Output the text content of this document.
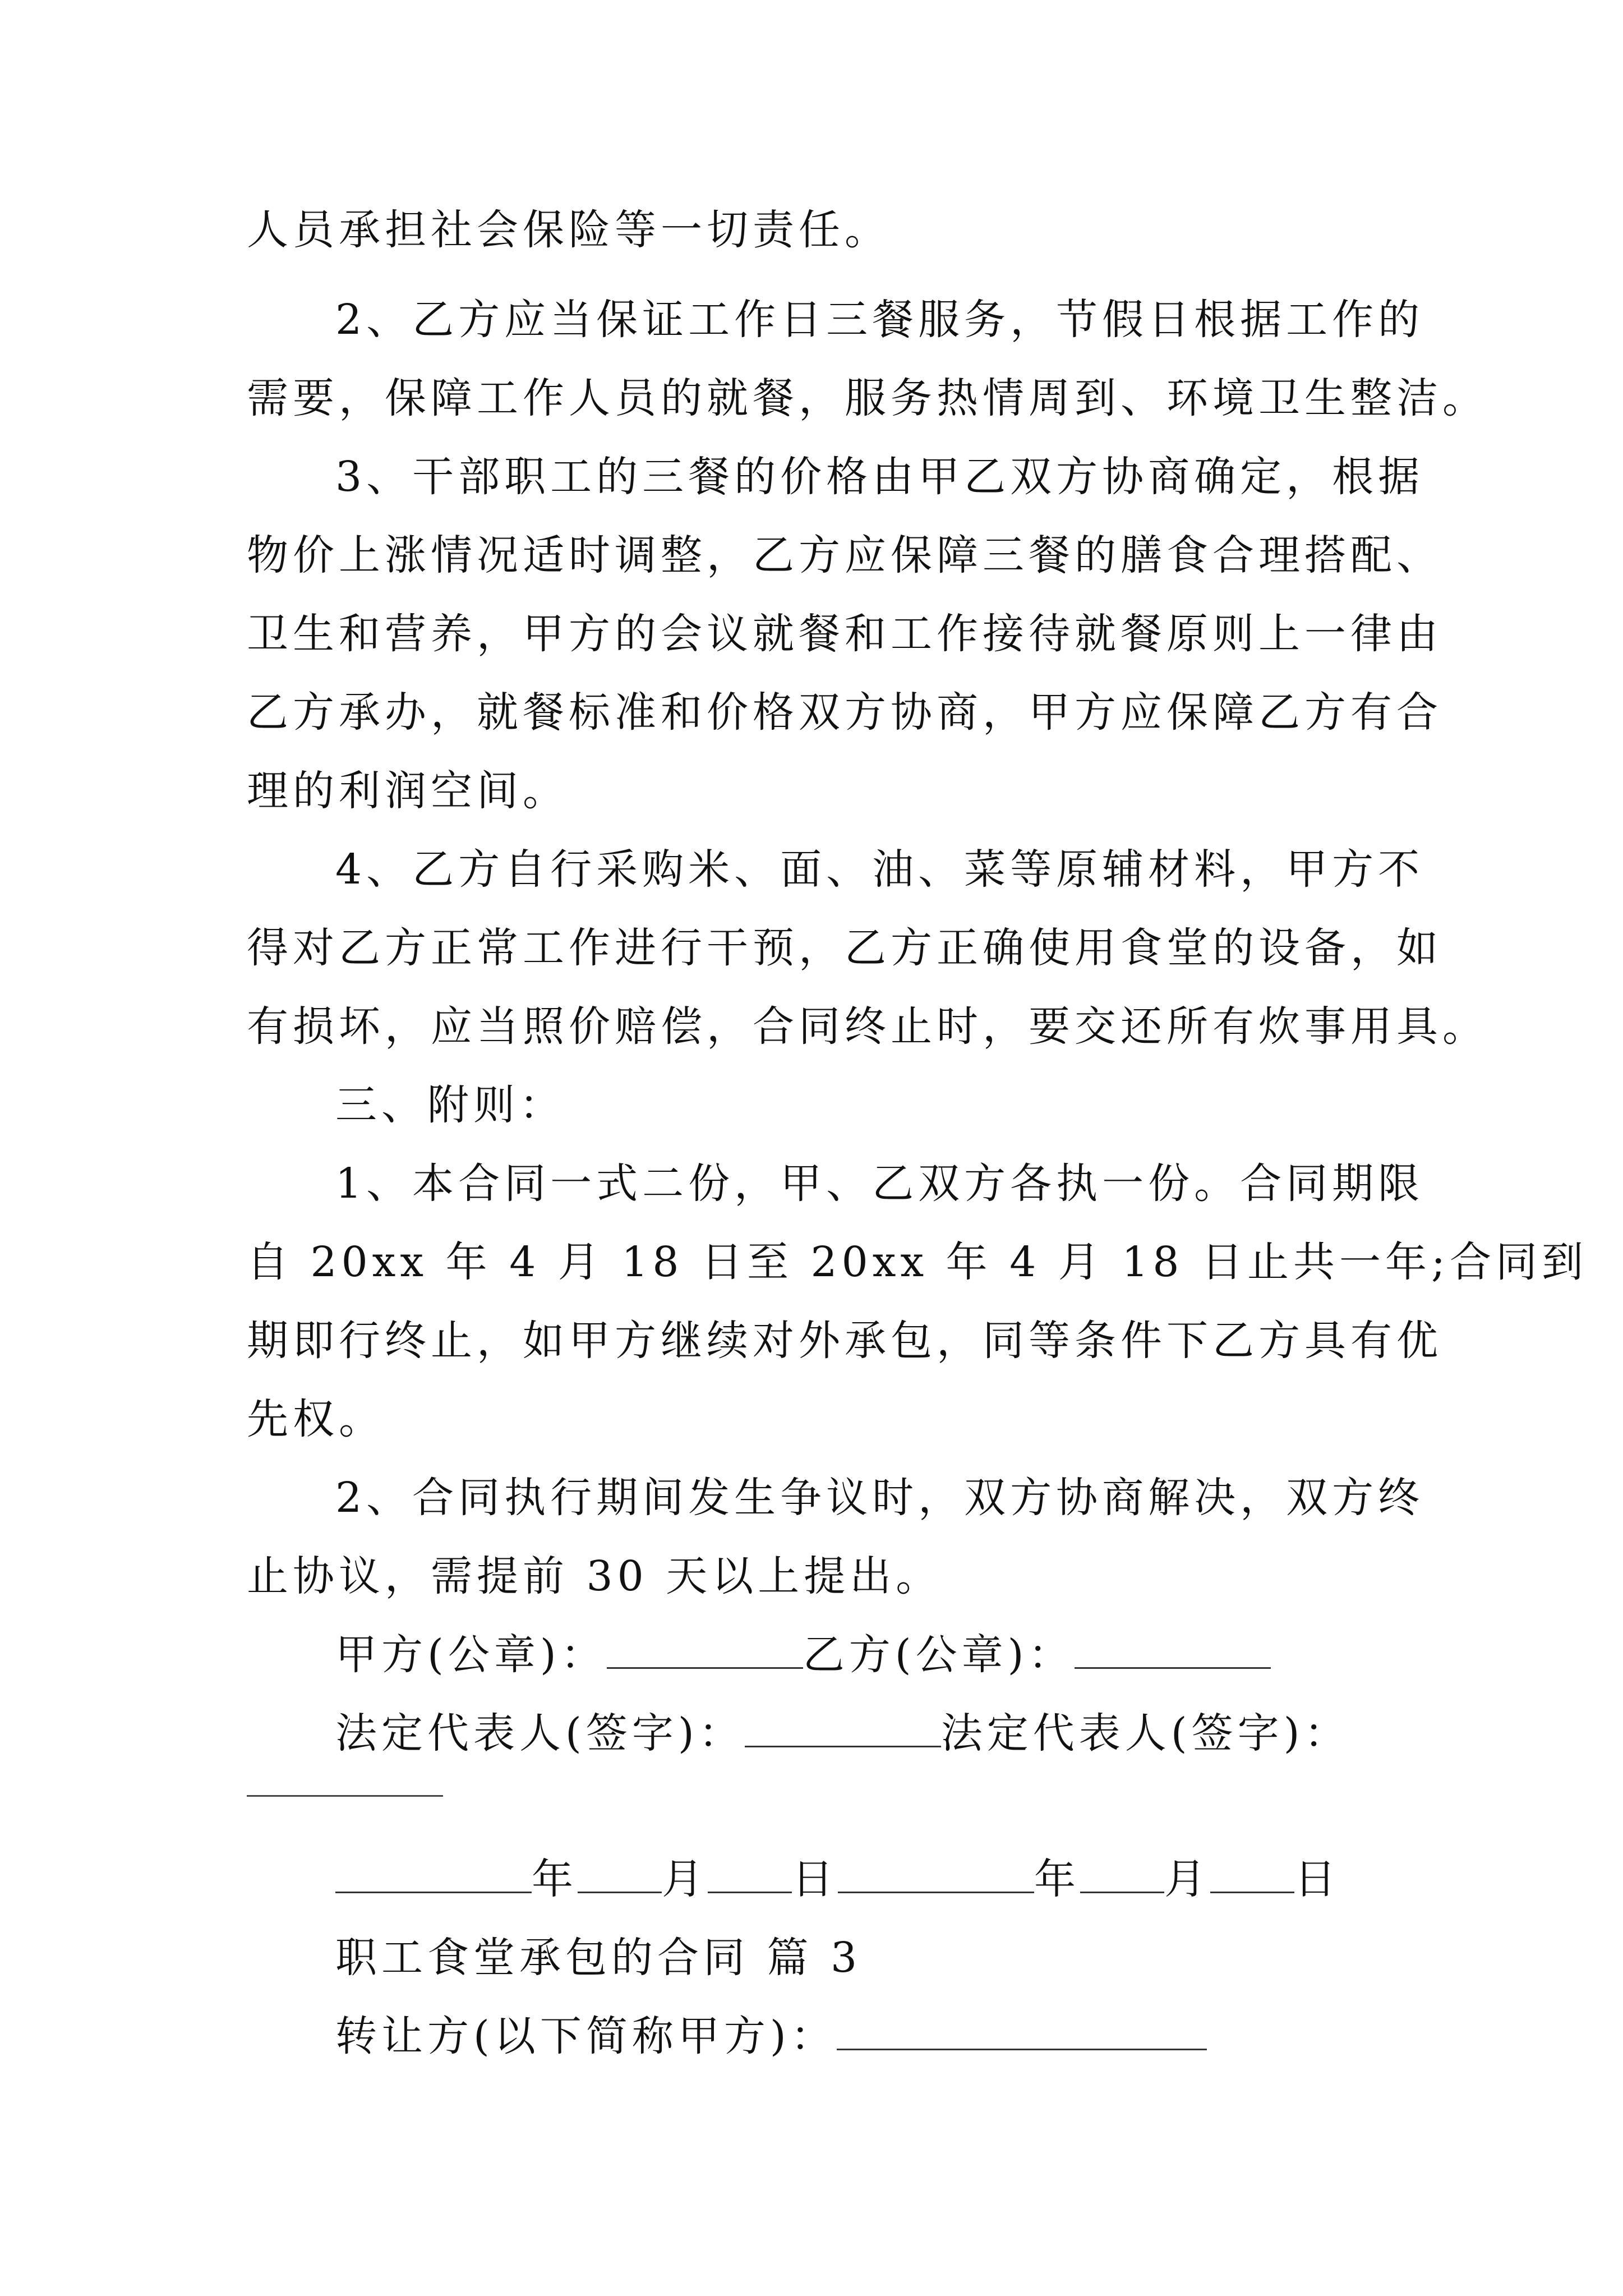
人员承担社会保险等一切责任。
2、乙方应当保证工作日三餐服务，节假日根据工作的
需要，保障工作人员的就餐，服务热情周到、环境卫生整洁。
3、干部职工的三餐的价格由甲乙双方协商确定，根据
物价上涨情况适时调整，乙方应保障三餐的膳食合理搭配、
卫生和营养，甲方的会议就餐和工作接待就餐原则上一律由
乙方承办，就餐标准和价格双方协商，甲方应保障乙方有合
理的利润空间。
4、乙方自行采购米、面、油、菜等原辅材料，甲方不
得对乙方正常工作进行干预，乙方正确使用食堂的设备，如
有损坏，应当照价赔偿，合同终止时，要交还所有炊事用具。
三、附则：
1、本合同一式二份，甲、乙双方各执一份。合同期限
自 20xx 年 4 月 18 日至 20xx 年 4 月 18 日止共一年;合同到
期即行终止，如甲方继续对外承包，同等条件下乙方具有优
先权。
2、合同执行期间发生争议时，双方协商解决，双方终
止协议，需提前 30 天以上提出。
甲方(公章)：	乙方(公章)：
法定代表人(签字)：	法定代表人(签字)：
年 月 日	年 月 日
职工食堂承包的合同 篇 3
转让方(以下简称甲方)：
